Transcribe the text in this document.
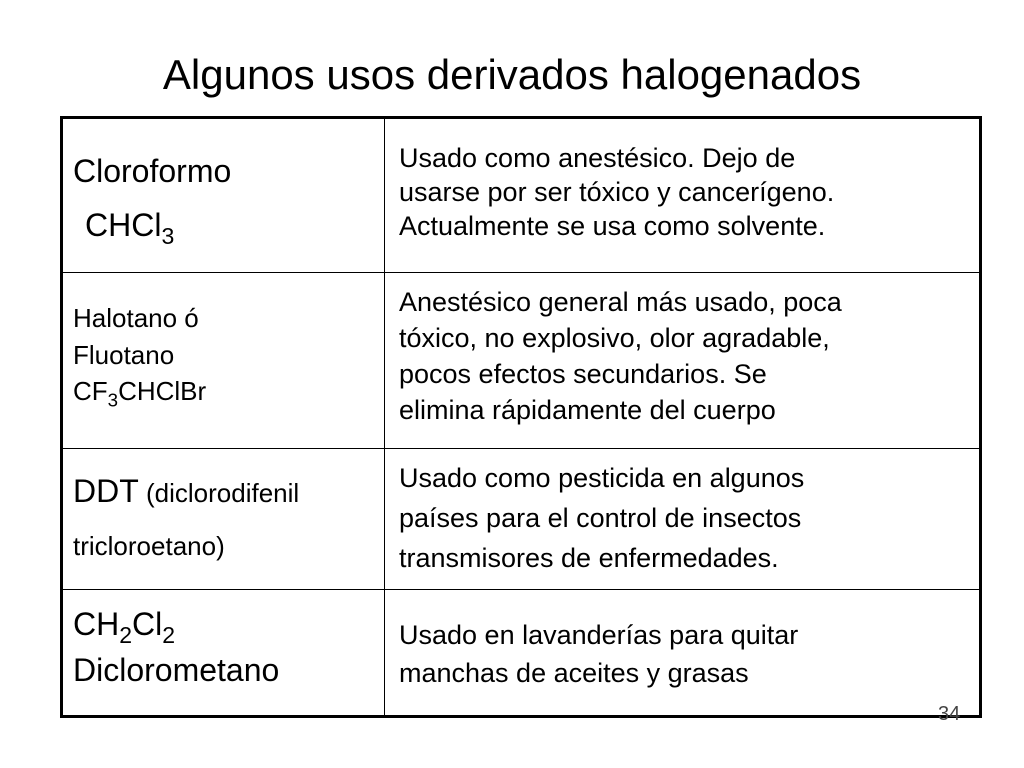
Algunos usos derivados halogenados
Cloroformo
CHCl$_3$
Usado como anestésico. Dejo de
usarse por ser tóxico y cancerígeno.
Actualmente se usa como solvente.
Halotano ó
Fluotano
$CF_3CHClBr$
Anestésico general más usado, poca
tóxico, no explosivo, olor agradable,
pocos efectos secundarios. Se
elimina rápidamente del cuerpo
DDT (diclorodifenil
tricloroetano)
Usado como pesticida en algunos
países para el control de insectos
transmisores de enfermedades.
$CH_2Cl_2$
Diclorometano
Usado en lavanderías para quitar
manchas de aceites y grasas
34
